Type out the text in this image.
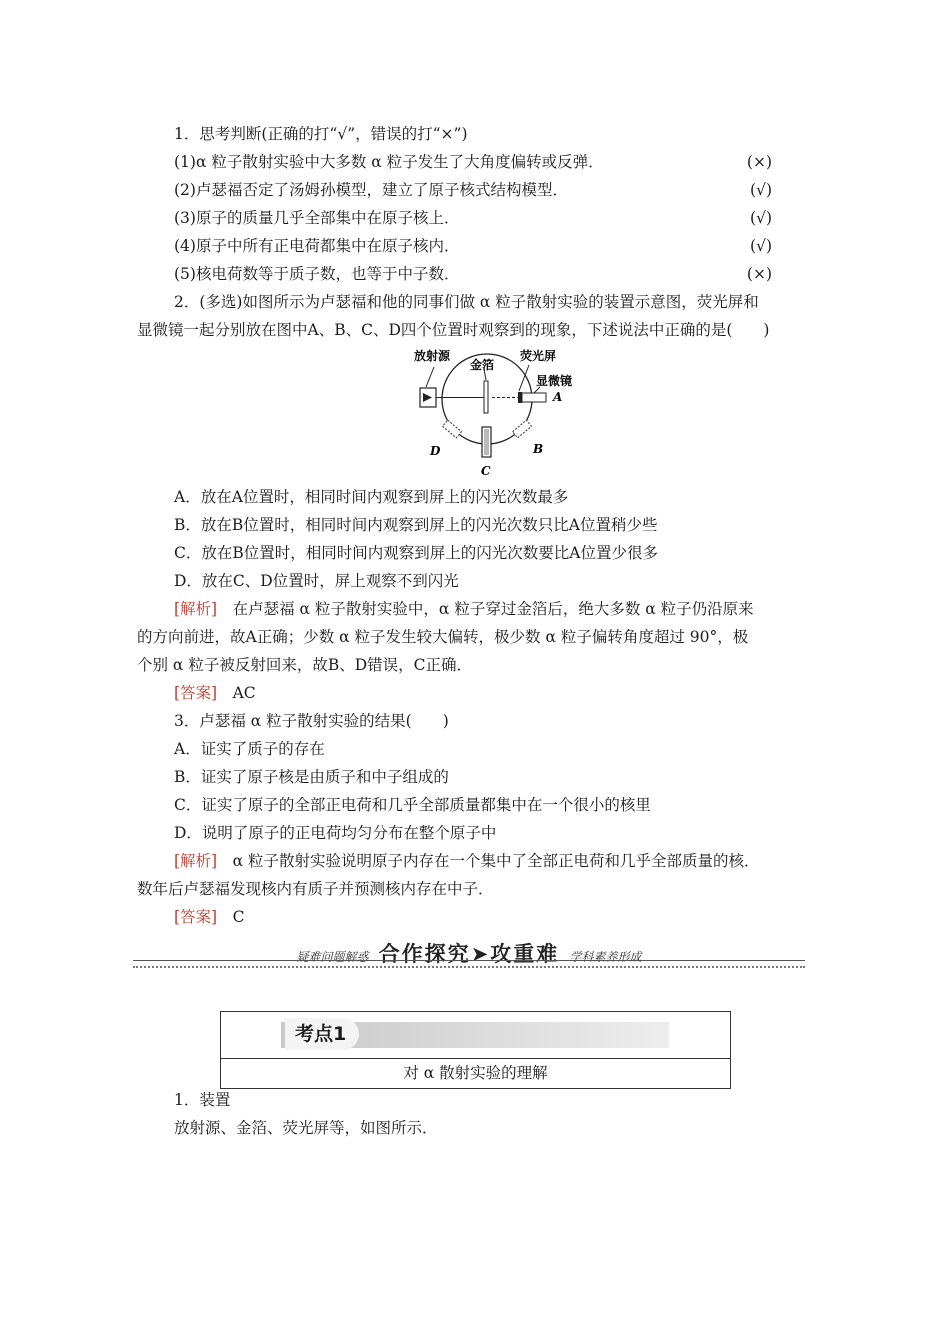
1．思考判断(正确的打“√”，错误的打“×”)
(1)α 粒子散射实验中大多数 α 粒子发生了大角度偏转或反弹．	(×)
(2)卢瑟福否定了汤姆孙模型，建立了原子核式结构模型．	(√)
(3)原子的质量几乎全部集中在原子核上．	(√)
(4)原子中所有正电荷都集中在原子核内．	(√)
(5)核电荷数等于质子数，也等于中子数．	(×)
2．(多选)如图所示为卢瑟福和他的同事们做 α 粒子散射实验的装置示意图，荧光屏和
显微镜一起分别放在图中A、B、C、D四个位置时观察到的现象，下述说法中正确的是(　　)
放射源
金箔
荧光屏
显微镜
A
B
C
D
A．放在A位置时，相同时间内观察到屏上的闪光次数最多
B．放在B位置时，相同时间内观察到屏上的闪光次数只比A位置稍少些
C．放在B位置时，相同时间内观察到屏上的闪光次数要比A位置少很多
D．放在C、D位置时，屏上观察不到闪光
[解析]  在卢瑟福 α 粒子散射实验中，α 粒子穿过金箔后，绝大多数 α 粒子仍沿原来
的方向前进，故A正确；少数 α 粒子发生较大偏转，极少数 α 粒子偏转角度超过 90°，极
个别 α 粒子被反射回来，故B、D错误，C正确．
[答案]  AC
3．卢瑟福 α 粒子散射实验的结果(　　)
A．证实了质子的存在
B．证实了原子核是由质子和中子组成的
C．证实了原子的全部正电荷和几乎全部质量都集中在一个很小的核里
D．说明了原子的正电荷均匀分布在整个原子中
[解析]  α 粒子散射实验说明原子内存在一个集中了全部正电荷和几乎全部质量的核．
数年后卢瑟福发现核内有质子并预测核内存在中子．
[答案]  C
疑难问题解惑 合作探究➤攻重难 学科素养形成
考点1
对 α 散射实验的理解
1．装置
放射源、金箔、荧光屏等，如图所示．
